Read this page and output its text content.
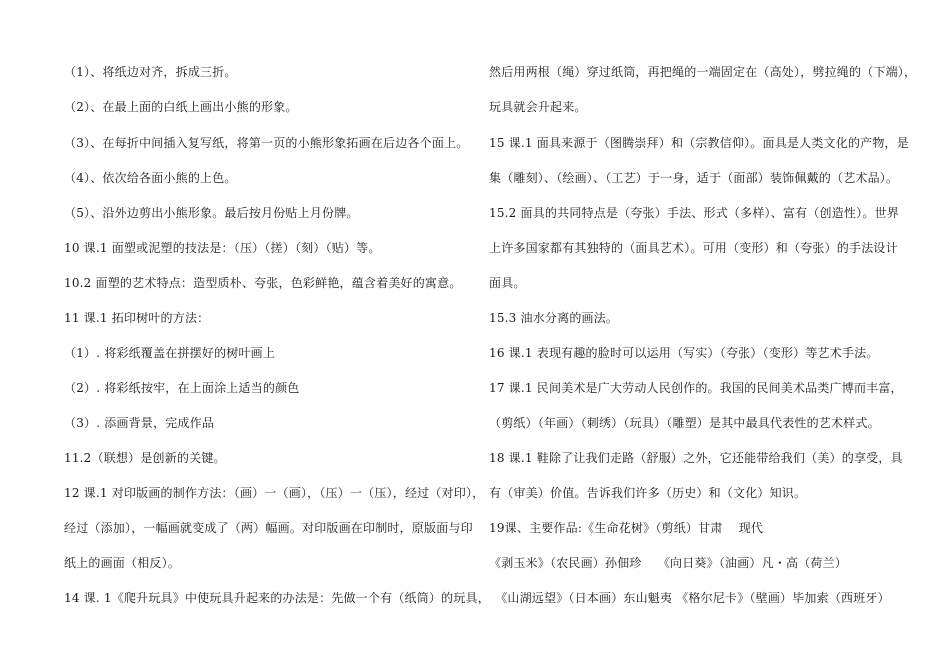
（1）、将纸边对齐，拆成三折。
（2）、在最上面的白纸上画出小熊的形象。
（3）、在每折中间插入复写纸，将第一页的小熊形象拓画在后边各个面上。
（4）、依次给各面小熊的上色。
（5）、沿外边剪出小熊形象。最后按月份贴上月份牌。
10 课.1 面塑或泥塑的技法是：（压）（搓）（刻）（贴）等。
10.2 面塑的艺术特点：造型质朴、夸张，色彩鲜艳，蕴含着美好的寓意。
11 课.1 拓印树叶的方法：
（1）. 将彩纸覆盖在拼摆好的树叶画上
（2）. 将彩纸按牢，在上面涂上适当的颜色
（3）. 添画背景，完成作品
11.2（联想）是创新的关键。
12 课.1 对印版画的制作方法：（画）一（画），（压）一（压），经过（对印），
经过（添加），一幅画就变成了（两）幅画。对印版画在印制时，原版面与印
纸上的画面（相反）。
14 课. 1《爬升玩具》中使玩具升起来的办法是：先做一个有（纸筒）的玩具，
然后用两根（绳）穿过纸筒，再把绳的一端固定在（高处），劈拉绳的（下端），
玩具就会升起来。
15 课.1 面具来源于（图腾崇拜）和（宗教信仰）。面具是人类文化的产物，是
集（雕刻）、（绘画）、（工艺）于一身，适于（面部）装饰佩戴的（艺术品）。
15.2 面具的共同特点是（夸张）手法、形式（多样）、富有（创造性）。世界
上许多国家都有其独特的（面具艺术）。可用（变形）和（夸张）的手法设计
面具。
15.3 油水分离的画法。
16 课.1 表现有趣的脸时可以运用（写实）（夸张）（变形）等艺术手法。
17 课.1 民间美术是广大劳动人民创作的。我国的民间美术品类广博而丰富，
（剪纸）（年画）（刺绣）（玩具）（雕塑）是其中最具代表性的艺术样式。
18 课.1 鞋除了让我们走路（舒服）之外，它还能带给我们（美）的享受，具
有（审美）价值。告诉我们许多（历史）和（文化）知识。
19课、主要作品:《生命花树》（剪纸）甘肃　 现代
《剥玉米》（农民画）孙佃珍　 《向日葵》（油画）凡・高（荷兰）
　《山湖远望》（日本画）东山魁夷 《格尔尼卡》（壁画）毕加索（西班牙）
